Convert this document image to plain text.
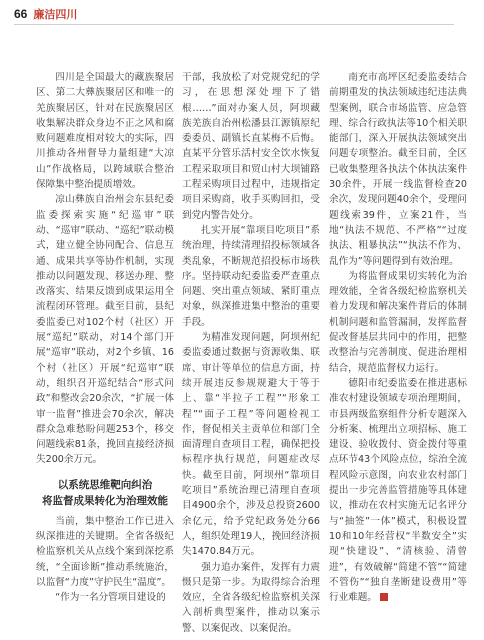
66 廉洁四川

四川是全国最大的藏族聚居区、第二大彝族聚居区和唯一的羌族聚居区，针对在民族聚居区收集解决群众身边不正之风和腐败问题难度相对较大的实际，四川推动各州督导力量组建“大凉山”作战格局，以跨域联合整治保障集中整治提质增效。

凉山彝族自治州会东县纪委监委探索实施“纪巡审”联动、“巡审”联动、“巡纪”联动模式，建立健全协同配合、信息互通、成果共享等协作机制，实现推动以问题发现、移送办理、整改落实、结果反馈到成果运用全流程闭环管理。截至目前，县纪委监委已对102个村（社区）开展“巡纪”联动，对14个部门开展“巡审”联动，对2个乡镇、16个村（社区）开展“纪巡审”联动，组织召开巡纪结合“形式问政”和整改会20余次，“扩展一体审一监督”推进会70余次，解决群众急难愁盼问题253个，移交问题线索81条，挽回直接经济损失200余万元。

以系统思维靶向纠治
将监督成果转化为治理效能

当前，集中整治工作已进入纵深推进的关键期。全省各级纪检监察机关从点线个案到深挖系统，“全面诊断”推动系统施治，以监督“力度”守护民生“温度”。

“作为一名分管项目建设的

干部，我放松了对党规党纪的学习，在思想深处埋下了错根……”面对办案人员，阿坝藏族羌族自治州松潘县江源镇原纪委委员、副镇长直某梅不后悔。直某平分管乐活村安全饮水恢复工程采取项目和贸山村大坝铺路工程采购项目过程中，违规指定项目采购商，收手买购回扣，受到党内警告处分。

扎实开展“靠项目吃项目”系统治理，持续清理招投标领域各类乱象，不断规范招投标市场秩序。坚持联动纪委监委严查重点问题、突出重点领域、紧盯重点对象，纵深推进集中整治的重要手段。

为精准发现问题，阿坝州纪委监委通过数据与资源收集、联席、审计等单位的信息方面，持续开展违反参规规避大于等于上、靠“半拉子工程”“形象工程”“面子工程”等问题检视工作，督促相关主责单位和部门全面清理自查项目工程，确保把投标程序执行规范，问题症改尽快。截至目前，阿坝州“靠项目吃项目”系统治理已清理自查项目4900余个，涉及总投资2600余亿元，给予党纪政务处分66人，组织处理19人，挽回经济损失1470.84万元。

强力追办案件，发挥有力震慑只是第一步。为取得综合治理效应，全省各级纪检监察机关深入剖析典型案件，推动以案示警、以案促改、以案促治。

南充市高坪区纪委监委结合前期重发的执法领域违纪违法典型案例，联合市场监管、应急管理、综合行政执法等10个相关职能部门，深入开展执法领域突出问题专项整治。截至目前，全区已收集整理各执法个体执法案件30余件，开展一线监督检查20余次，发现问题40余个，受理问题线索39件，立案21件，当地“执法不规范、不严格”“过度执法、粗暴执法”“执法不作为、乱作为”等问题得到有效治理。

为将监督成果切实转化为治理效能，全省各级纪检监察机关着力发现和解决案件背后的体制机制问题和监管漏洞，发挥监督促改督基层共同中的作用，把整改整治与完善制度、促进治理相结合，规范监督权力运行。

德阳市纪委监委在推进惠标准农村建设领域专项治理期间，市县两级监察组件分析专题深入分析案、梳理出立项招标、施工建设、验收拨付、资金拨付等重点环节43个风险点位，综治全流程风险示意图，向农业农村部门提出一步完善监管措施等具体建议，推动在农村实施无记名评分与“抽签”一体”模式，积极设置10和10年经营权“半数安全”实现“快建设”、“清核验、清曾进”，有效破解“简建不管”“简建不管伤”“独自垄断建设费用”等行业难题。
